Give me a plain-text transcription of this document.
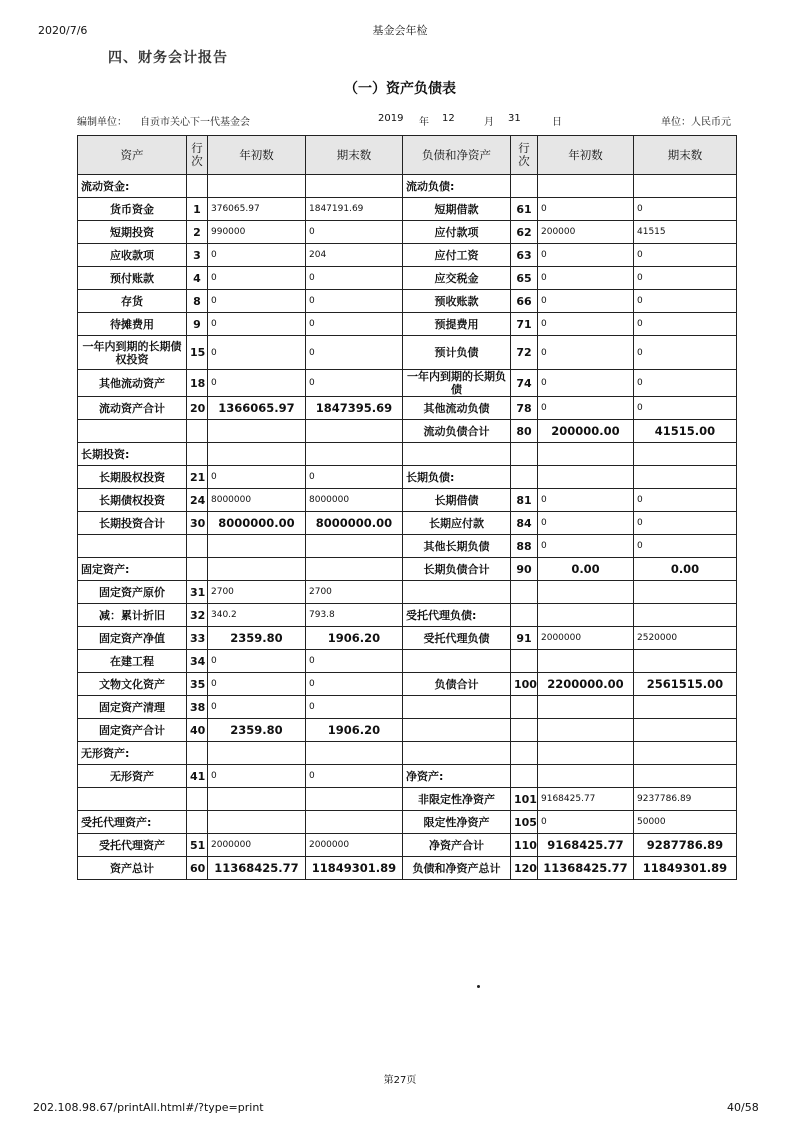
2020/7/6	基金会年检
四、财务会计报告
（一）资产负债表
编制单位： 自贡市关心下一代基金会	2019 年 12	月 31	日	单位：人民币元
资产	行次	年初数	期末数	负债和净资产	行次	年初数	期末数
流动资金:				流动负债:			
货币资金	1	376065.97	1847191.69	短期借款	61	0	0
短期投资	2	990000	0	应付款项	62	200000	41515
应收款项	3	0	204	应付工资	63	0	0
预付账款	4	0	0	应交税金	65	0	0
存货	8	0	0	预收账款	66	0	0
待摊费用	9	0	0	预提费用	71	0	0
一年内到期的长期债权投资	15	0	0	预计负债	72	0	0
其他流动资产	18	0	0	一年内到期的长期负债	74	0	0
流动资产合计	20	1366065.97	1847395.69	其他流动负债	78	0	0
				流动负债合计	80	200000.00	41515.00
长期投资:							
长期股权投资	21	0	0	长期负债:			
长期债权投资	24	8000000	8000000	长期借债	81	0	0
长期投资合计	30	8000000.00	8000000.00	长期应付款	84	0	0
				其他长期负债	88	0	0
固定资产:				长期负债合计	90	0.00	0.00
固定资产原价	31	2700	2700				
减：累计折旧	32	340.2	793.8	受托代理负债:			
固定资产净值	33	2359.80	1906.20	受托代理负债	91	2000000	2520000
在建工程	34	0	0				
文物文化资产	35	0	0	负债合计	100	2200000.00	2561515.00
固定资产清理	38	0	0				
固定资产合计	40	2359.80	1906.20				
无形资产:							
无形资产	41	0	0	净资产:			
				非限定性净资产	101	9168425.77	9237786.89
受托代理资产:				限定性净资产	105	0	50000
受托代理资产	51	2000000	2000000	净资产合计	110	9168425.77	9287786.89
资产总计	60	11368425.77	11849301.89	负债和净资产总计	120	11368425.77	11849301.89
第27页
202.108.98.67/printAll.html#/?type=print	40/58
